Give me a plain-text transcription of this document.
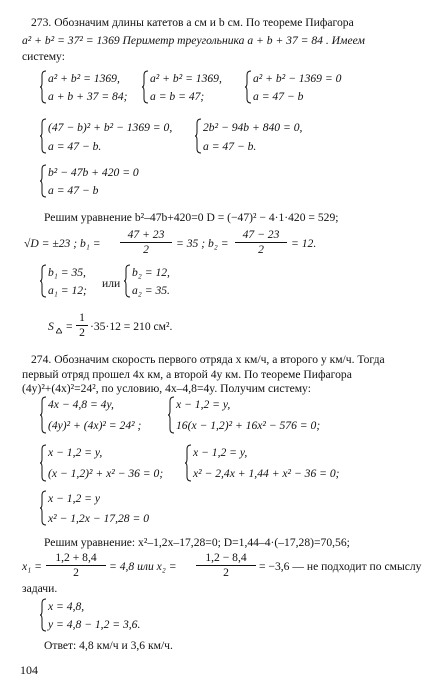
273. Обозначим длины катетов a см и b см. По теореме Пифагора
a² + b² = 37² = 1369 Периметр треугольника a + b + 37 = 84 . Имеем
систему:
a² + b² = 1369,
a + b + 37 = 84;
a² + b² = 1369,
a = b = 47;
a² + b² − 1369 = 0
a = 47 − b
(47 − b)² + b² − 1369 = 0,
a = 47 − b.
2b² − 94b + 840 = 0,
a = 47 − b.
b² − 47b + 420 = 0
a = 47 − b
Решим уравнение b²–47b+420=0 D = (−47)² − 4·1·420 = 529;
√D = ±23 ; b₁ =
47 + 23
2	= 35 ; b₂ =
47 − 23
2	= 12.
b₁ = 35,
a₁ = 12;
или
b₂ = 12,
a₂ = 35.
S =
1
2 ·35·12 = 210 см².
274. Обозначим скорость первого отряда x км/ч, а второго y км/ч. Тогда
первый отряд прошел 4x км, а второй 4y км. По теореме Пифагора
(4y)²+(4x)²=24², по условию, 4x–4,8=4y. Получим систему:
4x − 4,8 = 4y,
(4y)² + (4x)² = 24² ;
x − 1,2 = y,
16(x − 1,2)² + 16x² − 576 = 0;
x − 1,2 = y,
(x − 1,2)² + x² − 36 = 0;
x − 1,2 = y,
x² − 2,4x + 1,44 + x² − 36 = 0;
x − 1,2 = y
x² − 1,2x − 17,28 = 0
Решим уравнение: x²–1,2x–17,28=0; D=1,44–4·(–17,28)=70,56;
x₁ =
1,2 + 8,4
2	= 4,8 или x₂ =
1,2 − 8,4
2	= −3,6 — не подходит по смыслу
задачи.
x = 4,8,
y = 4,8 − 1,2 = 3,6.
Ответ: 4,8 км/ч и 3,6 км/ч.
104
